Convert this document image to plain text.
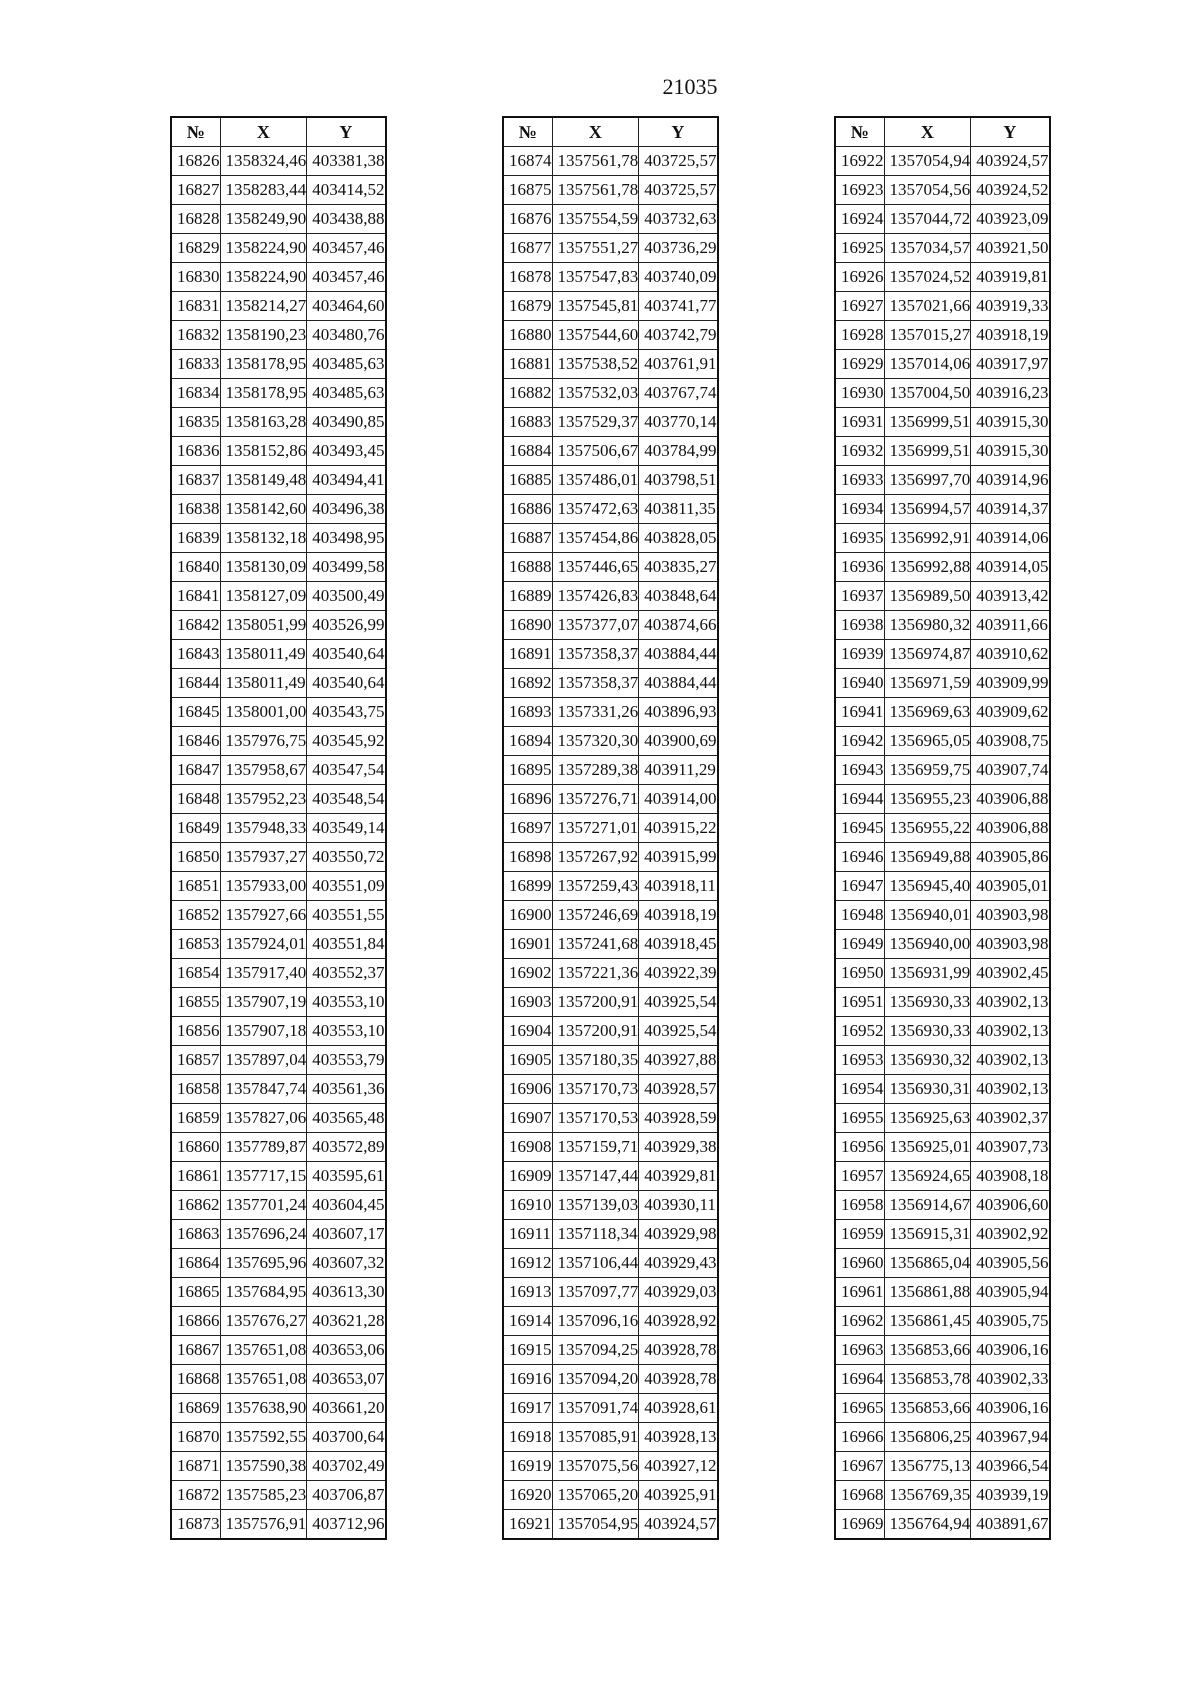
21035
№	X	Y
16826	1358324,46	403381,38
16827	1358283,44	403414,52
16828	1358249,90	403438,88
16829	1358224,90	403457,46
16830	1358224,90	403457,46
16831	1358214,27	403464,60
16832	1358190,23	403480,76
16833	1358178,95	403485,63
16834	1358178,95	403485,63
16835	1358163,28	403490,85
16836	1358152,86	403493,45
16837	1358149,48	403494,41
16838	1358142,60	403496,38
16839	1358132,18	403498,95
16840	1358130,09	403499,58
16841	1358127,09	403500,49
16842	1358051,99	403526,99
16843	1358011,49	403540,64
16844	1358011,49	403540,64
16845	1358001,00	403543,75
16846	1357976,75	403545,92
16847	1357958,67	403547,54
16848	1357952,23	403548,54
16849	1357948,33	403549,14
16850	1357937,27	403550,72
16851	1357933,00	403551,09
16852	1357927,66	403551,55
16853	1357924,01	403551,84
16854	1357917,40	403552,37
16855	1357907,19	403553,10
16856	1357907,18	403553,10
16857	1357897,04	403553,79
16858	1357847,74	403561,36
16859	1357827,06	403565,48
16860	1357789,87	403572,89
16861	1357717,15	403595,61
16862	1357701,24	403604,45
16863	1357696,24	403607,17
16864	1357695,96	403607,32
16865	1357684,95	403613,30
16866	1357676,27	403621,28
16867	1357651,08	403653,06
16868	1357651,08	403653,07
16869	1357638,90	403661,20
16870	1357592,55	403700,64
16871	1357590,38	403702,49
16872	1357585,23	403706,87
16873	1357576,91	403712,96
№	X	Y
16874	1357561,78	403725,57
16875	1357561,78	403725,57
16876	1357554,59	403732,63
16877	1357551,27	403736,29
16878	1357547,83	403740,09
16879	1357545,81	403741,77
16880	1357544,60	403742,79
16881	1357538,52	403761,91
16882	1357532,03	403767,74
16883	1357529,37	403770,14
16884	1357506,67	403784,99
16885	1357486,01	403798,51
16886	1357472,63	403811,35
16887	1357454,86	403828,05
16888	1357446,65	403835,27
16889	1357426,83	403848,64
16890	1357377,07	403874,66
16891	1357358,37	403884,44
16892	1357358,37	403884,44
16893	1357331,26	403896,93
16894	1357320,30	403900,69
16895	1357289,38	403911,29
16896	1357276,71	403914,00
16897	1357271,01	403915,22
16898	1357267,92	403915,99
16899	1357259,43	403918,11
16900	1357246,69	403918,19
16901	1357241,68	403918,45
16902	1357221,36	403922,39
16903	1357200,91	403925,54
16904	1357200,91	403925,54
16905	1357180,35	403927,88
16906	1357170,73	403928,57
16907	1357170,53	403928,59
16908	1357159,71	403929,38
16909	1357147,44	403929,81
16910	1357139,03	403930,11
16911	1357118,34	403929,98
16912	1357106,44	403929,43
16913	1357097,77	403929,03
16914	1357096,16	403928,92
16915	1357094,25	403928,78
16916	1357094,20	403928,78
16917	1357091,74	403928,61
16918	1357085,91	403928,13
16919	1357075,56	403927,12
16920	1357065,20	403925,91
16921	1357054,95	403924,57
№	X	Y
16922	1357054,94	403924,57
16923	1357054,56	403924,52
16924	1357044,72	403923,09
16925	1357034,57	403921,50
16926	1357024,52	403919,81
16927	1357021,66	403919,33
16928	1357015,27	403918,19
16929	1357014,06	403917,97
16930	1357004,50	403916,23
16931	1356999,51	403915,30
16932	1356999,51	403915,30
16933	1356997,70	403914,96
16934	1356994,57	403914,37
16935	1356992,91	403914,06
16936	1356992,88	403914,05
16937	1356989,50	403913,42
16938	1356980,32	403911,66
16939	1356974,87	403910,62
16940	1356971,59	403909,99
16941	1356969,63	403909,62
16942	1356965,05	403908,75
16943	1356959,75	403907,74
16944	1356955,23	403906,88
16945	1356955,22	403906,88
16946	1356949,88	403905,86
16947	1356945,40	403905,01
16948	1356940,01	403903,98
16949	1356940,00	403903,98
16950	1356931,99	403902,45
16951	1356930,33	403902,13
16952	1356930,33	403902,13
16953	1356930,32	403902,13
16954	1356930,31	403902,13
16955	1356925,63	403902,37
16956	1356925,01	403907,73
16957	1356924,65	403908,18
16958	1356914,67	403906,60
16959	1356915,31	403902,92
16960	1356865,04	403905,56
16961	1356861,88	403905,94
16962	1356861,45	403905,75
16963	1356853,66	403906,16
16964	1356853,78	403902,33
16965	1356853,66	403906,16
16966	1356806,25	403967,94
16967	1356775,13	403966,54
16968	1356769,35	403939,19
16969	1356764,94	403891,67
